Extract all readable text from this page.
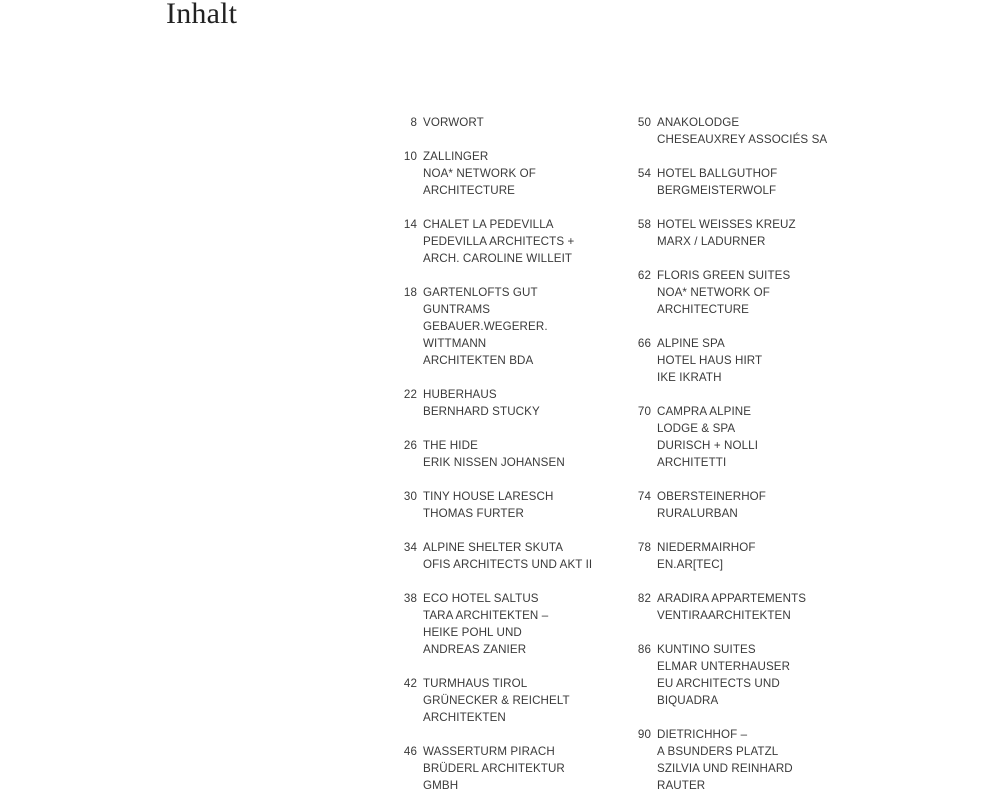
Inhalt
8 VORWORT
10 ZALLINGER
NOA* NETWORK OF
ARCHITECTURE
14 CHALET LA PEDEVILLA
PEDEVILLA ARCHITECTS +
ARCH. CAROLINE WILLEIT
18 GARTENLOFTS GUT
GUNTRAMS
GEBAUER.WEGERER.
WITTMANN
ARCHITEKTEN BDA
22 HUBERHAUS
BERNHARD STUCKY
26 THE HIDE
ERIK NISSEN JOHANSEN
30 TINY HOUSE LARESCH
THOMAS FURTER
34 ALPINE SHELTER SKUTA
OFIS ARCHITECTS UND AKT II
38 ECO HOTEL SALTUS
TARA ARCHITEKTEN –
HEIKE POHL UND
ANDREAS ZANIER
42 TURMHAUS TIROL
GRÜNECKER & REICHELT
ARCHITEKTEN
46 WASSERTURM PIRACH
BRÜDERL ARCHITEKTUR
GMBH
50 ANAKOLODGE
CHESEAUXREY ASSOCIÉS SA
54 HOTEL BALLGUTHOF
BERGMEISTERWOLF
58 HOTEL WEISSES KREUZ
MARX / LADURNER
62 FLORIS GREEN SUITES
NOA* NETWORK OF
ARCHITECTURE
66 ALPINE SPA
HOTEL HAUS HIRT
IKE IKRATH
70 CAMPRA ALPINE
LODGE & SPA
DURISCH + NOLLI
ARCHITETTI
74 OBERSTEINERHOF
RURALURBAN
78 NIEDERMAIRHOF
EN.AR[TEC]
82 ARADIRA APPARTEMENTS
VENTIRAARCHITEKTEN
86 KUNTINO SUITES
ELMAR UNTERHAUSER
EU ARCHITECTS UND
BIQUADRA
90 DIETRICHHOF –
A BSUNDERS PLATZL
SZILVIA UND REINHARD
RAUTER
